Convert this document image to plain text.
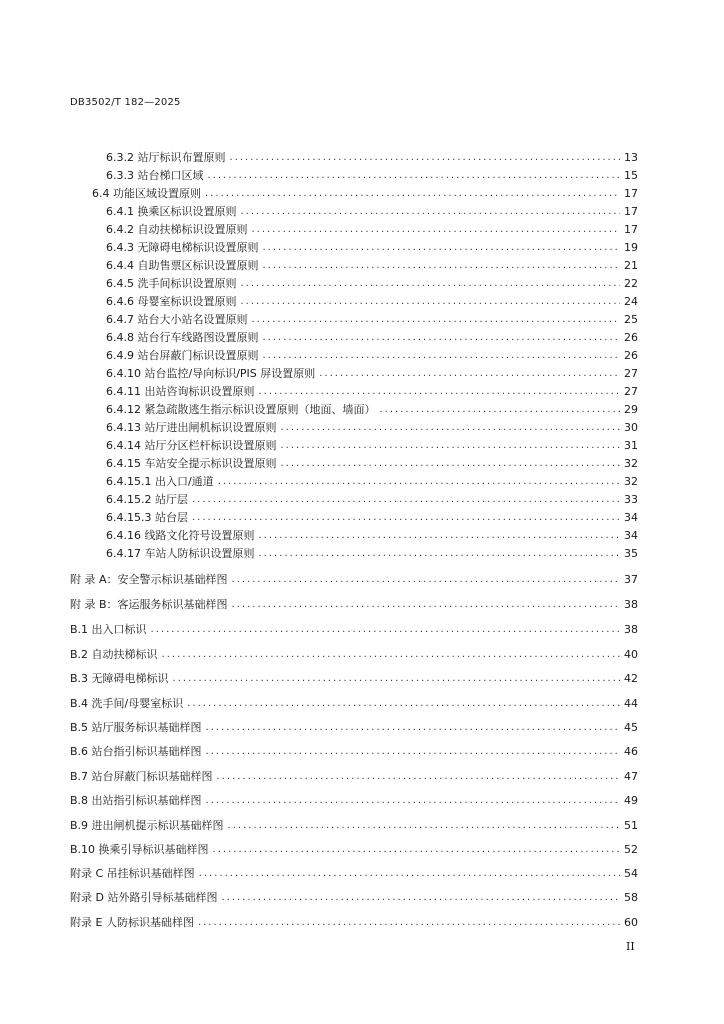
DB3502/T 182—2025
6.3.2 站厅标识布置原则 .....	13
6.3.3 站台梯口区域 .....	15
6.4 功能区域设置原则 .....	17
6.4.1 换乘区标识设置原则 .....	17
6.4.2 自动扶梯标识设置原则 .....	17
6.4.3 无障碍电梯标识设置原则 .....	19
6.4.4 自助售票区标识设置原则 .....	21
6.4.5 洗手间标识设置原则 .....	22
6.4.6 母婴室标识设置原则 .....	24
6.4.7 站台大小站名设置原则 .....	25
6.4.8 站台行车线路图设置原则 .....	26
6.4.9 站台屏蔽门标识设置原则 .....	26
6.4.10 站台监控/导向标识/PIS 屏设置原则 .....	27
6.4.11 出站咨询标识设置原则 .....	27
6.4.12 紧急疏散逃生指示标识设置原则（地面、墙面） .....	29
6.4.13 站厅进出闸机标识设置原则 .....	30
6.4.14 站厅分区栏杆标识设置原则 .....	31
6.4.15 车站安全提示标识设置原则 .....	32
6.4.15.1 出入口/通道 .....	32
6.4.15.2 站厅层 .....	33
6.4.15.3 站台层 .....	34
6.4.16 线路文化符号设置原则 .....	34
6.4.17 车站人防标识设置原则 .....	35
附 录 A：安全警示标识基础样图 .....	37
附 录 B：客运服务标识基础样图 .....	38
B.1 出入口标识 .....	38
B.2 自动扶梯标识 .....	40
B.3 无障碍电梯标识 .....	42
B.4 洗手间/母婴室标识 .....	44
B.5 站厅服务标识基础样图 .....	45
B.6 站台指引标识基础样图 .....	46
B.7 站台屏蔽门标识基础样图 .....	47
B.8 出站指引标识基础样图 .....	49
B.9 进出闸机提示标识基础样图 .....	51
B.10 换乘引导标识基础样图 .....	52
附录 C 吊挂标识基础样图 .....	54
附录 D 站外路引导标基础样图 .....	58
附录 E 人防标识基础样图 .....	60
II
